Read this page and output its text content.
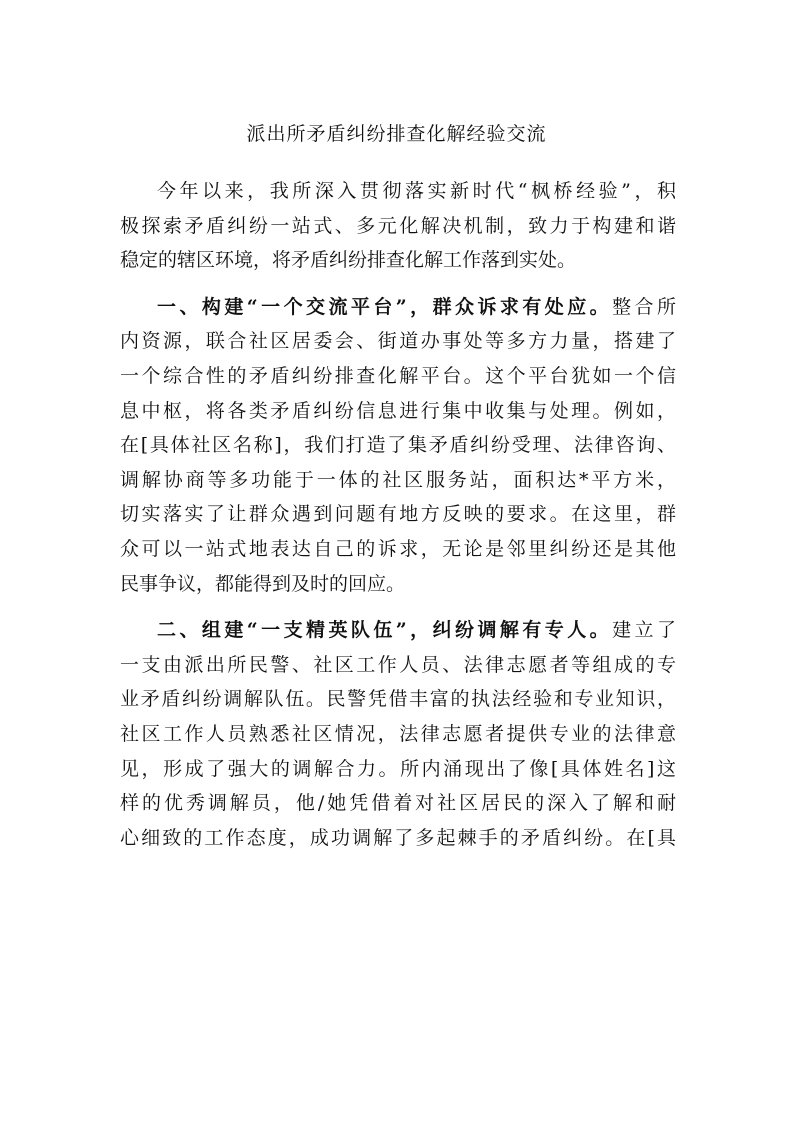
派出所矛盾纠纷排查化解经验交流
今年以来，我所深入贯彻落实新时代“枫桥经验”，积
极探索矛盾纠纷一站式、多元化解决机制，致力于构建和谐
稳定的辖区环境，将矛盾纠纷排查化解工作落到实处。
一、构建“一个交流平台”，群众诉求有处应。整合所
内资源，联合社区居委会、街道办事处等多方力量，搭建了
一个综合性的矛盾纠纷排查化解平台。这个平台犹如一个信
息中枢，将各类矛盾纠纷信息进行集中收集与处理。例如，
在[具体社区名称]，我们打造了集矛盾纠纷受理、法律咨询、
调解协商等多功能于一体的社区服务站，面积达*平方米，
切实落实了让群众遇到问题有地方反映的要求。在这里，群
众可以一站式地表达自己的诉求，无论是邻里纠纷还是其他
民事争议，都能得到及时的回应。
二、组建“一支精英队伍”，纠纷调解有专人。建立了
一支由派出所民警、社区工作人员、法律志愿者等组成的专
业矛盾纠纷调解队伍。民警凭借丰富的执法经验和专业知识，
社区工作人员熟悉社区情况，法律志愿者提供专业的法律意
见，形成了强大的调解合力。所内涌现出了像[具体姓名]这
样的优秀调解员，他/她凭借着对社区居民的深入了解和耐
心细致的工作态度，成功调解了多起棘手的矛盾纠纷。在[具
